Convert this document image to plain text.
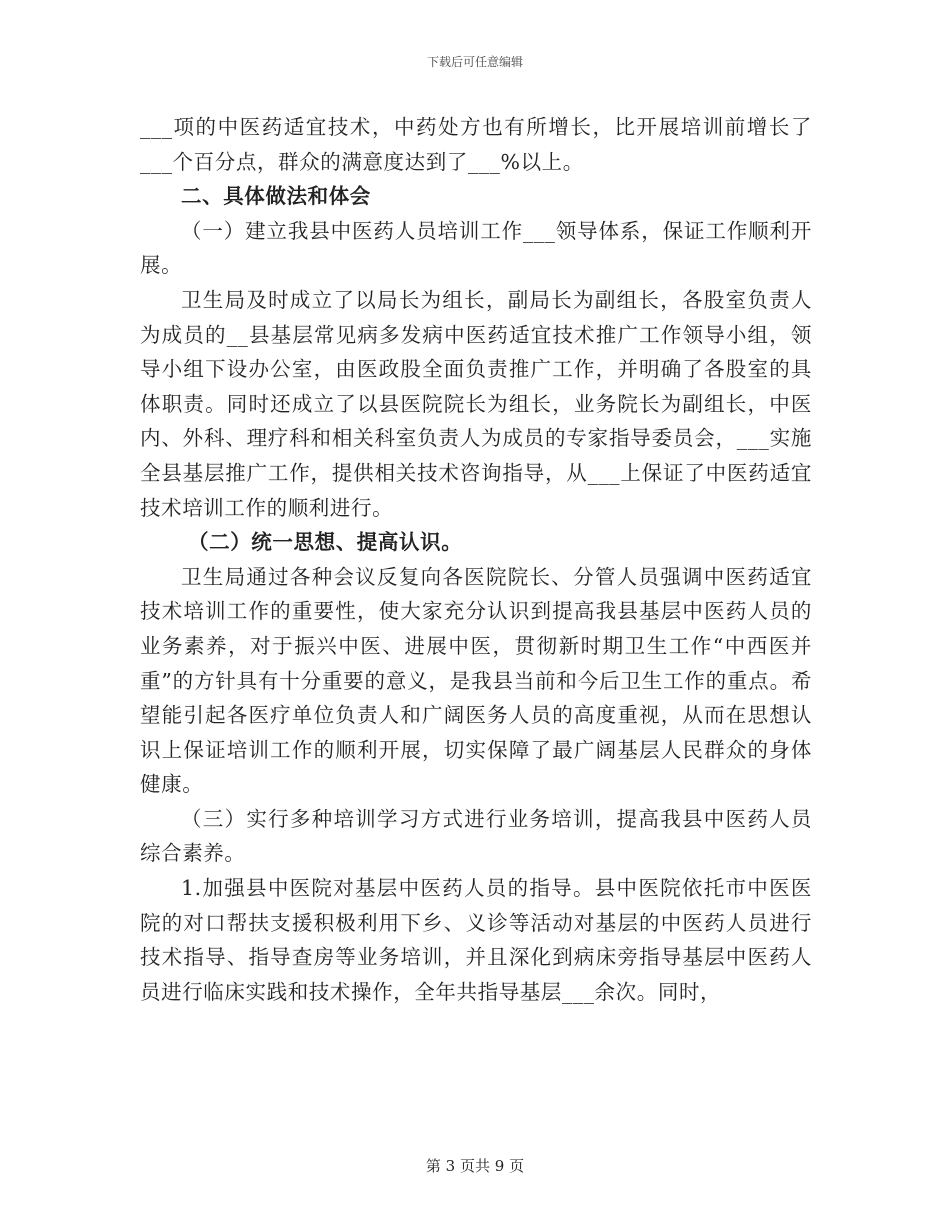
下载后可任意编辑

___项的中医药适宜技术，中药处方也有所增长，比开展培训前增长了___个百分点，群众的满意度达到了___%以上。

二、具体做法和体会

（一）建立我县中医药人员培训工作___领导体系，保证工作顺利开展。

卫生局及时成立了以局长为组长，副局长为副组长，各股室负责人为成员的__县基层常见病多发病中医药适宜技术推广工作领导小组，领导小组下设办公室，由医政股全面负责推广工作，并明确了各股室的具体职责。同时还成立了以县医院院长为组长，业务院长为副组长，中医内、外科、理疗科和相关科室负责人为成员的专家指导委员会，___实施全县基层推广工作，提供相关技术咨询指导，从___上保证了中医药适宜技术培训工作的顺利进行。

（二）统一思想、提高认识。

卫生局通过各种会议反复向各医院院长、分管人员强调中医药适宜技术培训工作的重要性，使大家充分认识到提高我县基层中医药人员的业务素养，对于振兴中医、进展中医，贯彻新时期卫生工作“中西医并重”的方针具有十分重要的意义，是我县当前和今后卫生工作的重点。希望能引起各医疗单位负责人和广阔医务人员的高度重视，从而在思想认识上保证培训工作的顺利开展，切实保障了最广阔基层人民群众的身体健康。

（三）实行多种培训学习方式进行业务培训，提高我县中医药人员综合素养。

1.加强县中医院对基层中医药人员的指导。县中医院依托市中医医院的对口帮扶支援积极利用下乡、义诊等活动对基层的中医药人员进行技术指导、指导查房等业务培训，并且深化到病床旁指导基层中医药人员进行临床实践和技术操作，全年共指导基层___余次。同时，

第 3 页共 9 页
